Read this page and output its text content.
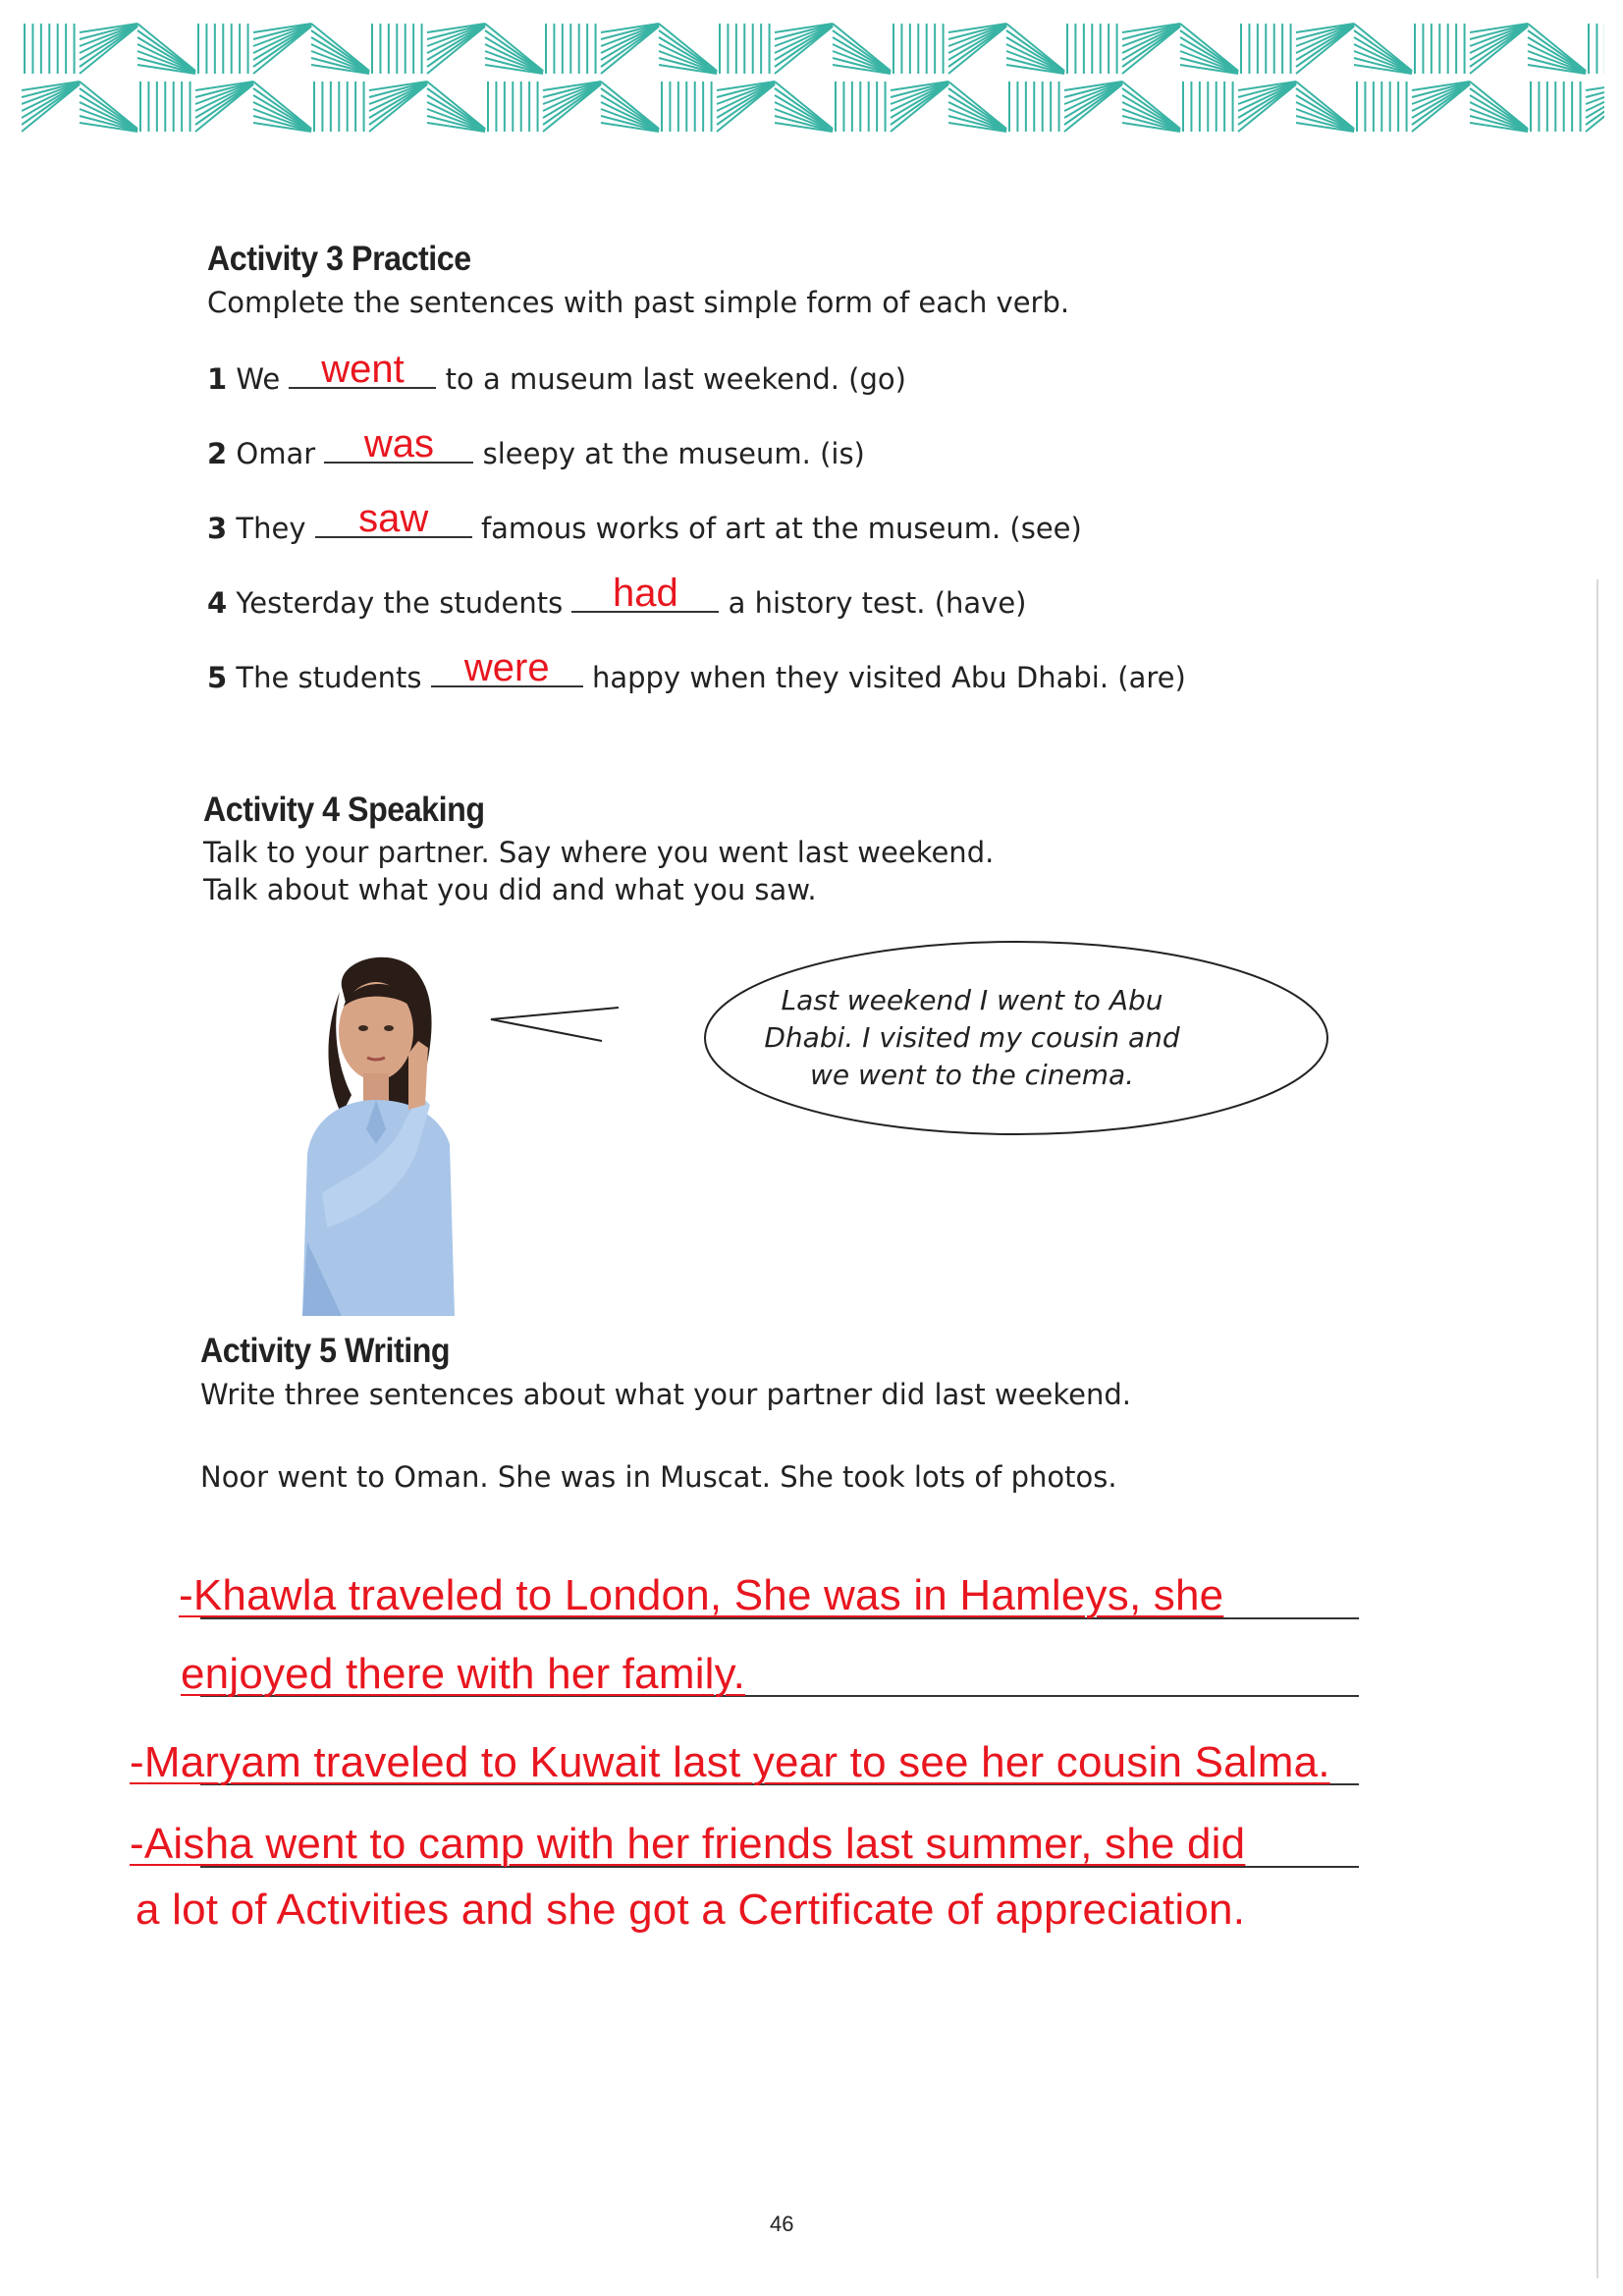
Activity 3 Practice
Complete the sentences with past simple form of each verb.
1 We	went	to a museum last weekend. (go)
2 Omar	was	sleepy at the museum. (is)
3 They	saw	famous works of art at the museum. (see)
4 Yesterday the students	had	a history test. (have)
5 The students	were	happy when they visited Abu Dhabi. (are)
Activity 4 Speaking
Talk to your partner. Say where you went last weekend.
Talk about what you did and what you saw.
Last weekend I went to Abu
Dhabi. I visited my cousin and
we went to the cinema.
Activity 5 Writing
Write three sentences about what your partner did last weekend.
Noor went to Oman. She was in Muscat. She took lots of photos.
-Khawla traveled to London, She was in Hamleys, she
enjoyed there with her family.
-Maryam traveled to Kuwait last year to see her cousin Salma.
-Aisha went to camp with her friends last summer, she did
a lot of Activities and she got a Certificate of appreciation.
46
